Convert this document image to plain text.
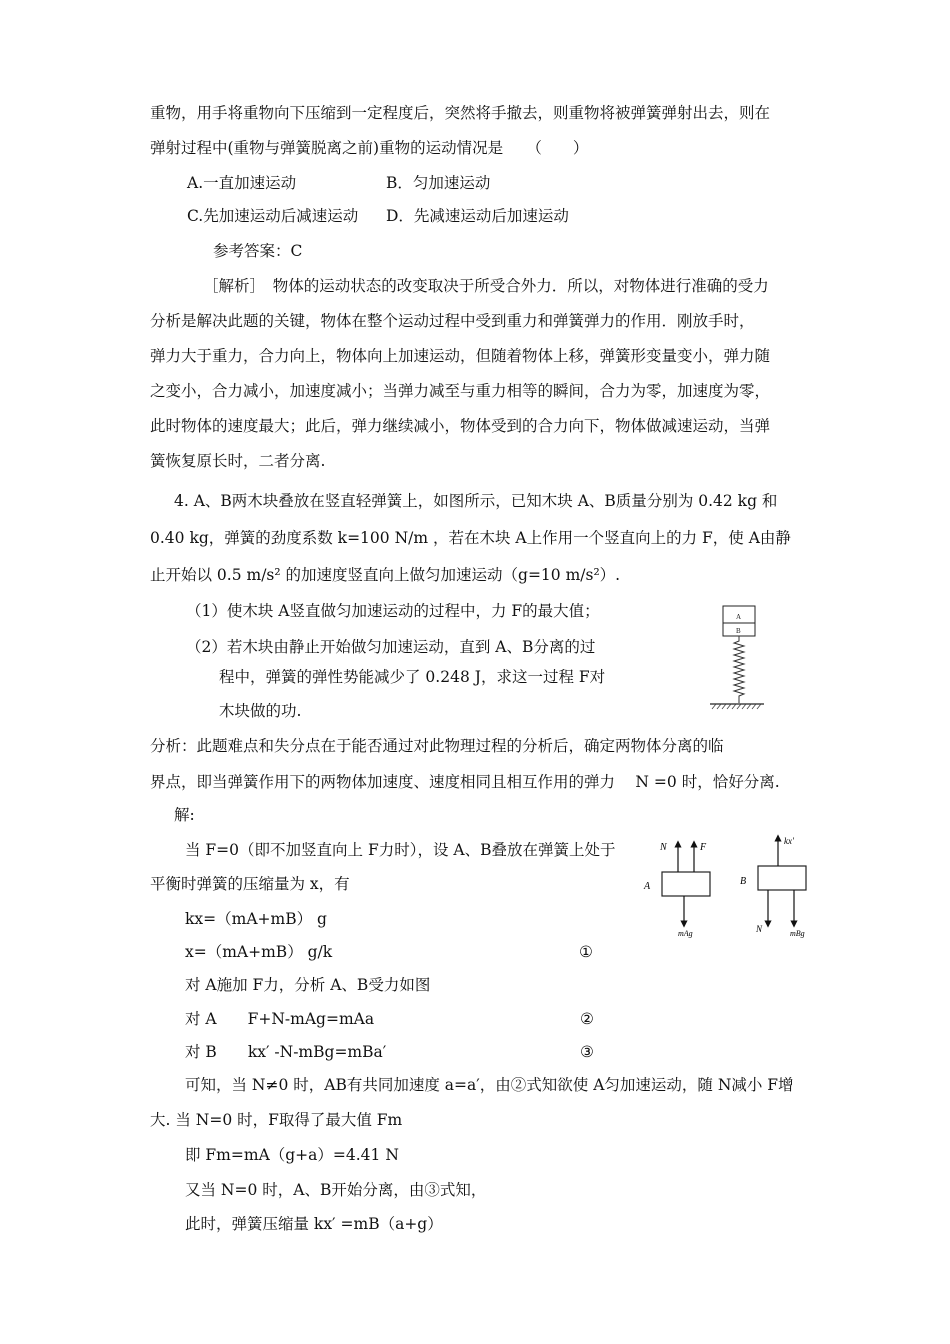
重物，用手将重物向下压缩到一定程度后，突然将手撤去，则重物将被弹簧弹射出去，则在
弹射过程中(重物与弹簧脱离之前)重物的运动情况是　　（　　）
A.一直加速运动	B．匀加速运动
C.先加速运动后减速运动 D．先减速运动后加速运动
参考答案：C
［解析］　物体的运动状态的改变取决于所受合外力．所以，对物体进行准确的受力
分析是解决此题的关键，物体在整个运动过程中受到重力和弹簧弹力的作用．刚放手时，
弹力大于重力，合力向上，物体向上加速运动，但随着物体上移，弹簧形变量变小，弹力随
之变小，合力减小，加速度减小；当弹力减至与重力相等的瞬间，合力为零，加速度为零，
此时物体的速度最大；此后，弹力继续减小，物体受到的合力向下，物体做减速运动，当弹
簧恢复原长时，二者分离.
4. A、B两木块叠放在竖直轻弹簧上，如图所示，已知木块 A、B质量分别为 0.42 kg 和
0.40 kg，弹簧的劲度系数 k=100 N/m ，若在木块 A上作用一个竖直向上的力 F，使 A由静
止开始以 0.5 m/s² 的加速度竖直向上做匀加速运动（g=10 m/s²）.
（1）使木块 A竖直做匀加速运动的过程中，力 F的最大值；
（2）若木块由静止开始做匀加速运动，直到 A、B分离的过
程中，弹簧的弹性势能减少了 0.248 J，求这一过程 F对
木块做的功.
分析：此题难点和失分点在于能否通过对此物理过程的分析后，确定两物体分离的临
界点，即当弹簧作用下的两物体加速度、速度相同且相互作用的弹力　 N =0 时，恰好分离.
解:
当 F=0（即不加竖直向上 F力时），设 A、B叠放在弹簧上处于
平衡时弹簧的压缩量为 x，有
kx=（mA+mB） g
x=（mA+mB） g/k	①
对 A施加 F力，分析 A、B受力如图
对 A　　F+N-mAg=mAa	②
对 B　　kx′ -N-mBg=mBa′	③
可知，当 N≠0 时，AB有共同加速度 a=a′，由②式知欲使 A匀加速运动，随 N减小 F增
大. 当 N=0 时，F取得了最大值 Fm
即 Fm=mA（g+a）=4.41 N
又当 N=0 时，A、B开始分离，由③式知，
此时，弹簧压缩量 kx′ =mB（a+g）
A
B
N	F
A
mAg
kx′
B
N	mBg
